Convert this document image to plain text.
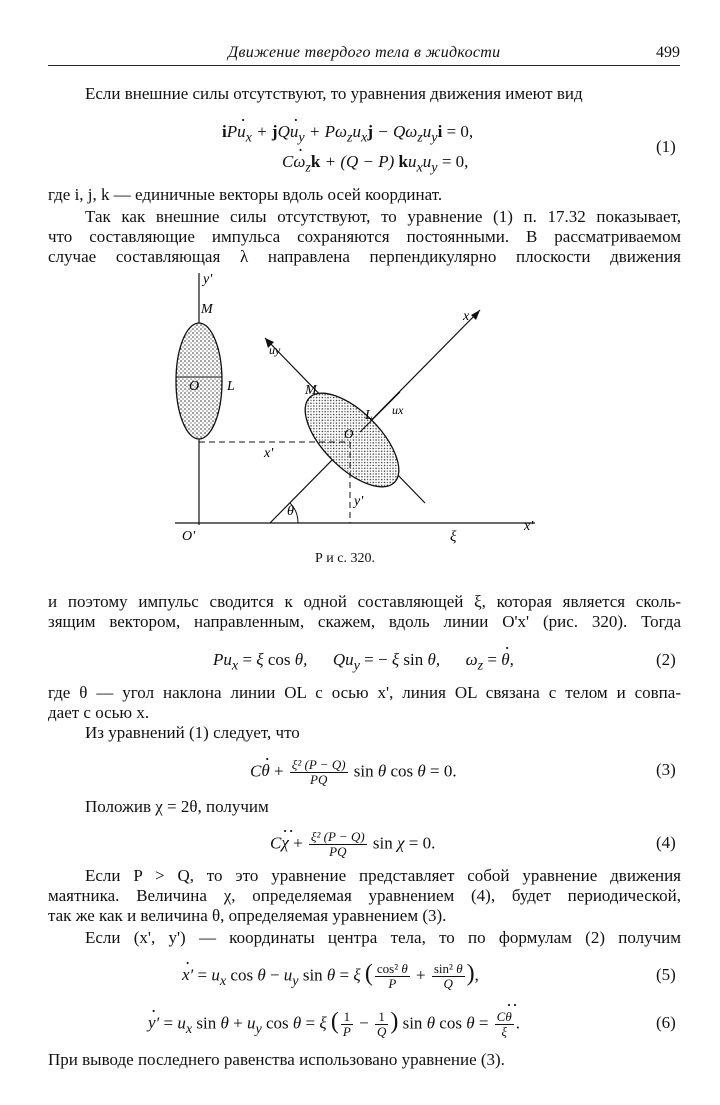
Движение твердого тела в жидкости	499
Если внешние силы отсутствуют, то уравнения движения имеют вид
iPu $\cdot_x$ + jQu $\cdot_y + P\omega_zu_xj - Q\omega_zu_yi = 0$,
$C\omega \cdot_zk + (Q - P) ku_xu_y = 0$,
(1)
где i, j, k — единичные векторы вдоль осей координат.
Так как внешние силы отсутствуют, то уравнение (1) п. 17.32 показывает,
что составляющие импульса сохраняются постоянными. В рассматриваемом
случае составляющая λ направлена перпендикулярно плоскости движения
y'
M
O L
x
uy
ux
M
O
L
x'
y'
θ
O'	ξ
x'
Р и с. 320.
и поэтому импульс сводится к одной составляющей ξ, которая является сколь-
зящим вектором, направленным, скажем, вдоль линии O'x' (рис. 320). Тогда
$Pu_x = \xi$ cos θ,      $Qu_y$ = − ξ sin θ,      $\omega_z = \theta$ ·,	(2)
где θ — угол наклона линии OL с осью x', линия OL связана с телом и совпа-
дает с осью x.
Из уравнений (1) следует, что
Cθ · + $\frac{\text{ξ² (P − Q)}}{PQ}$ sin θ cos θ = 0.	(3)
Положив χ = 2θ, получим
Cχ ·· + $\frac{\text{ξ² (P − Q)}}{PQ}$ sin χ = 0.	(4)
Если P > Q, то это уравнение представляет собой уравнение движения
маятника. Величина χ, определяемая уравнением (4), будет периодической,
так же как и величина θ, определяемая уравнением (3).
Если (x', y') — координаты центра тела, то по формулам (2) получим
x ·′ = $u_x$ $\cos \theta - u_y$ sin θ = ξ ( $\frac{\text{cos² θ}}{P} + \frac{\text{sin² θ}}{Q}$ ),	(5)
y ·′ = $u_x$ $\sin \theta + u_y$ cos θ = ξ ( $\frac{1}{P} - \frac{1}{Q}$ ) sin θ $\cos \theta = \frac{C\theta \cdot\cdot}{\xi}$ .	(6)
При выводе последнего равенства использовано уравнение (3).
